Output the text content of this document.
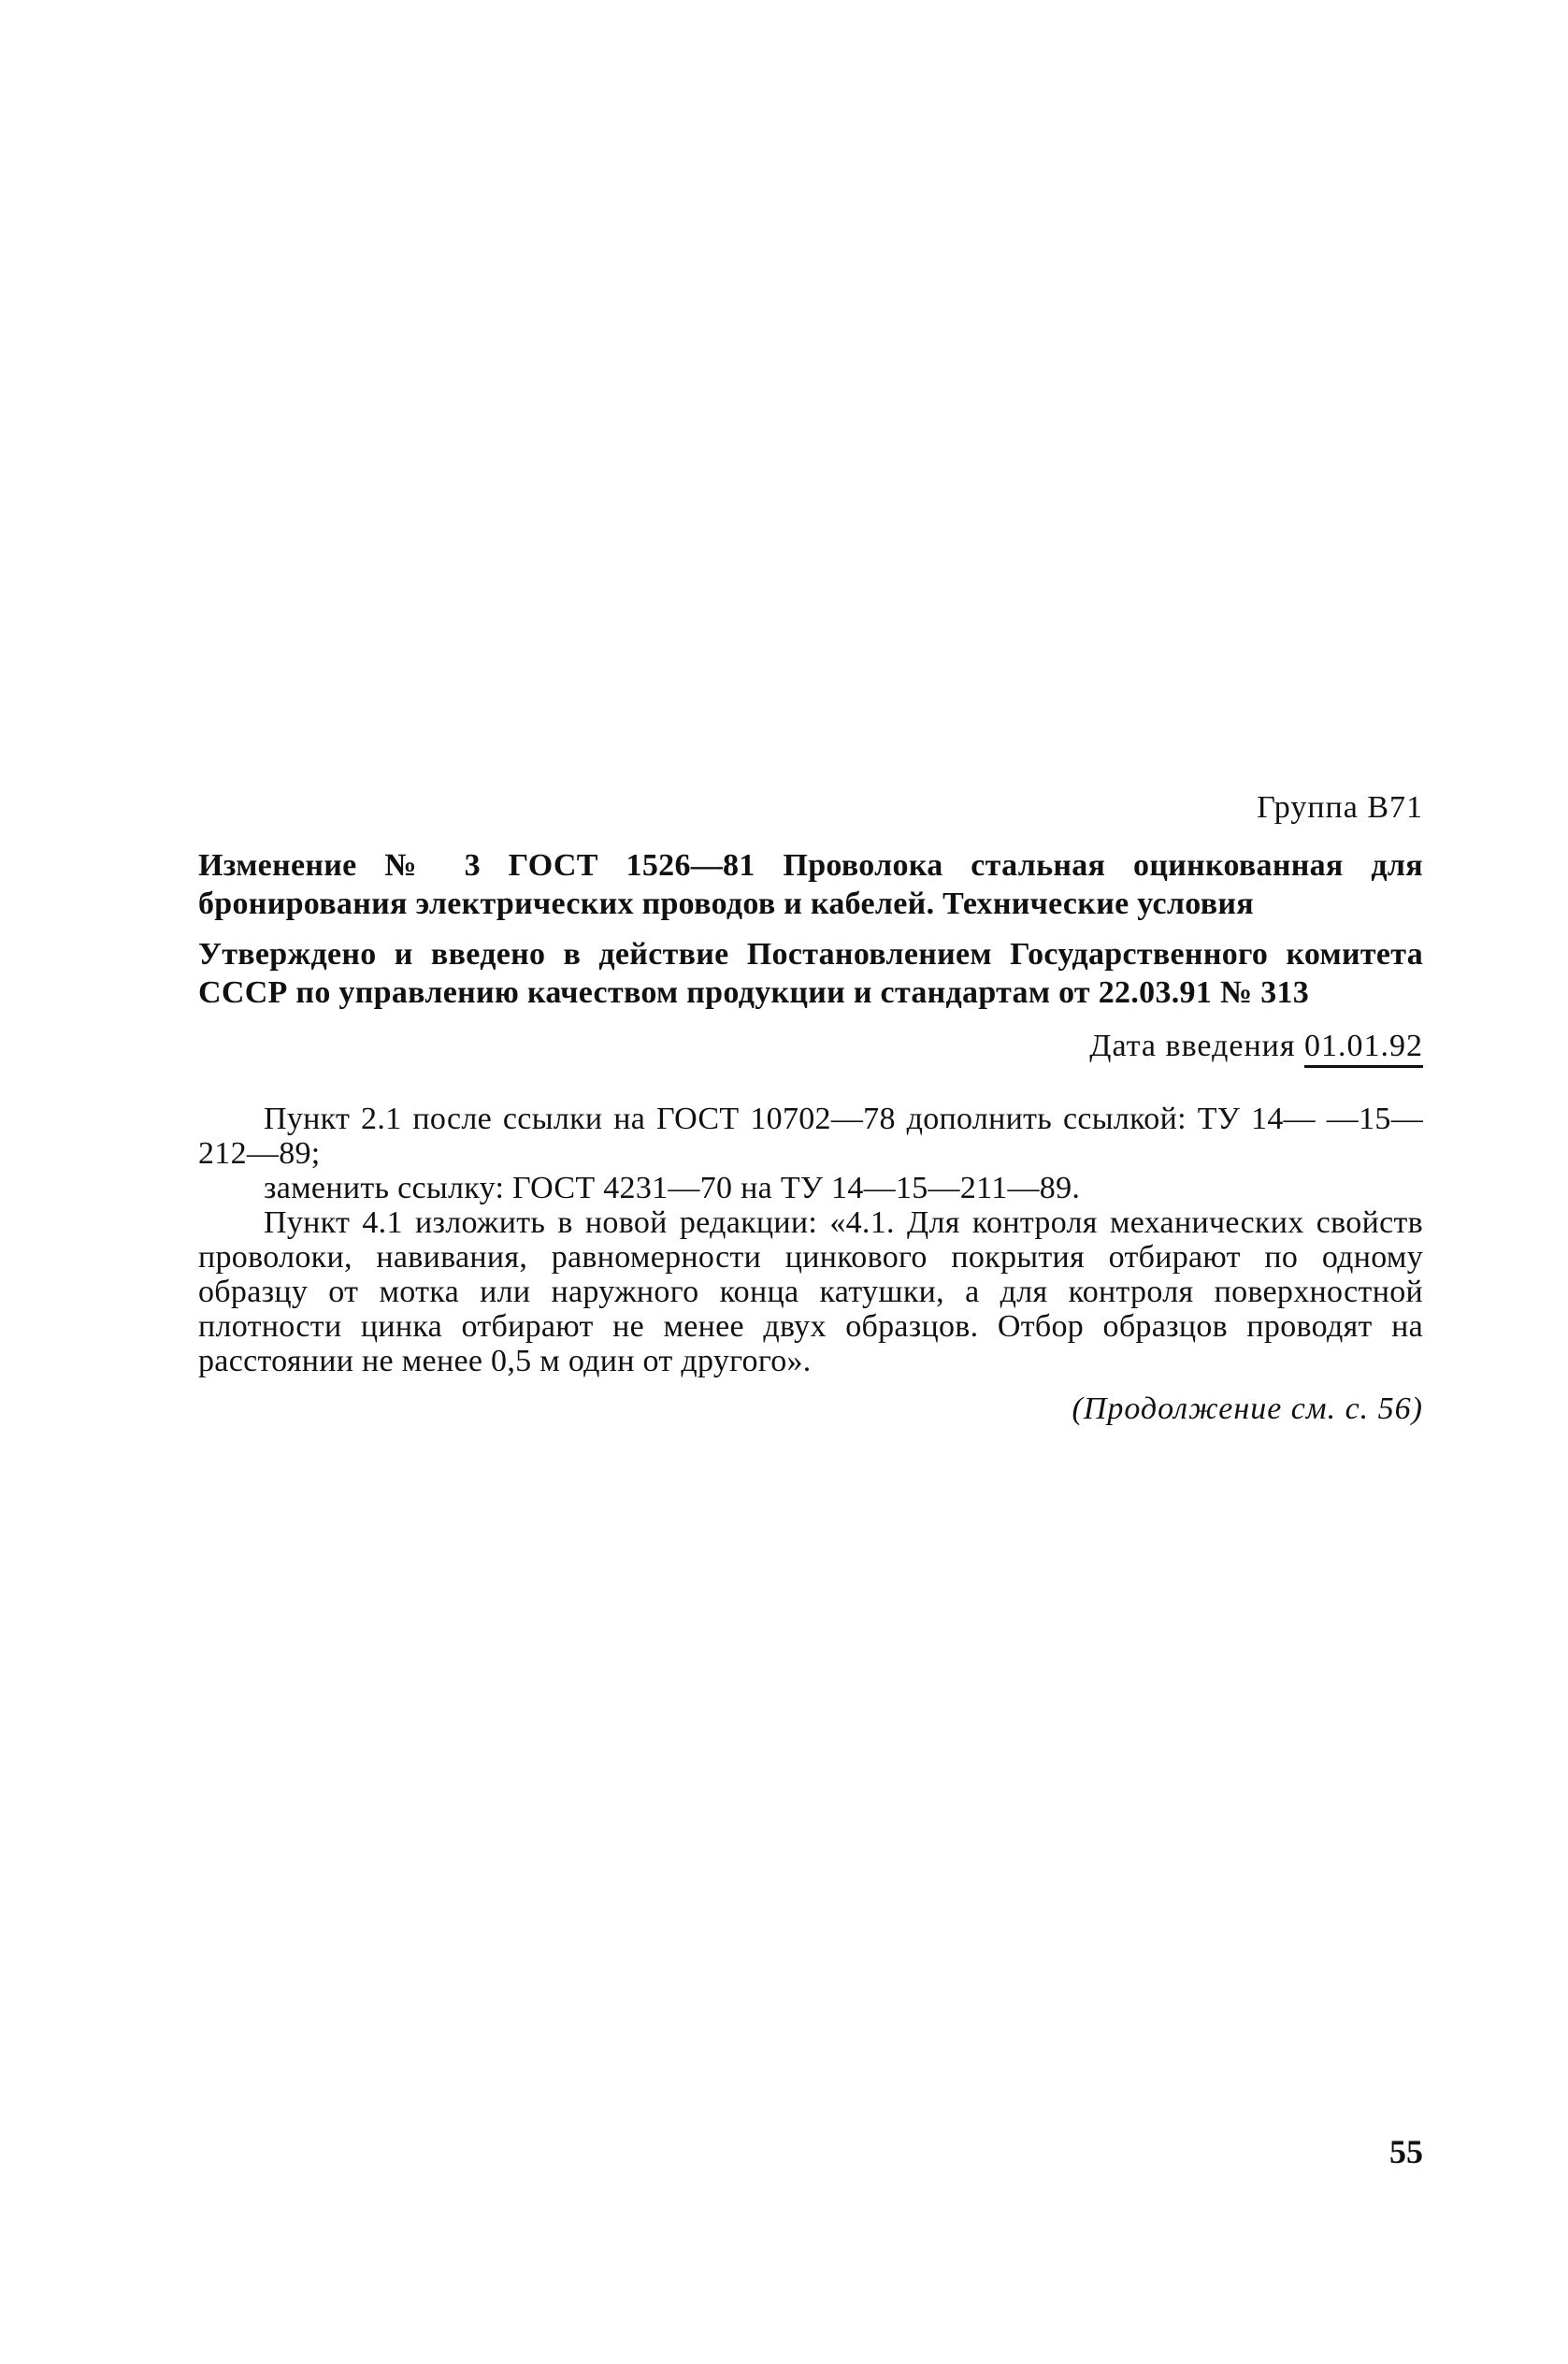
Группа В71
Изменение № 3 ГОСТ 1526—81 Проволока стальная оцинкованная для бронирования электрических проводов и кабелей. Технические условия
Утверждено и введено в действие Постановлением Государственного комитета СССР по управлению качеством продукции и стандартам от 22.03.91 № 313
Дата введения 01.01.92

Пункт 2.1 после ссылки на ГОСТ 10702—78 дополнить ссылкой: ТУ 14— —15—212—89;

заменить ссылку: ГОСТ 4231—70 на ТУ 14—15—211—89.

Пункт 4.1 изложить в новой редакции: «4.1. Для контроля механических свойств проволоки, навивания, равномерности цинкового покрытия отбирают по одному образцу от мотка или наружного конца катушки, а для контроля поверхностной плотности цинка отбирают не менее двух образцов. Отбор образцов проводят на расстоянии не менее 0,5 м один от другого».

(Продолжение см. с. 56)
55
